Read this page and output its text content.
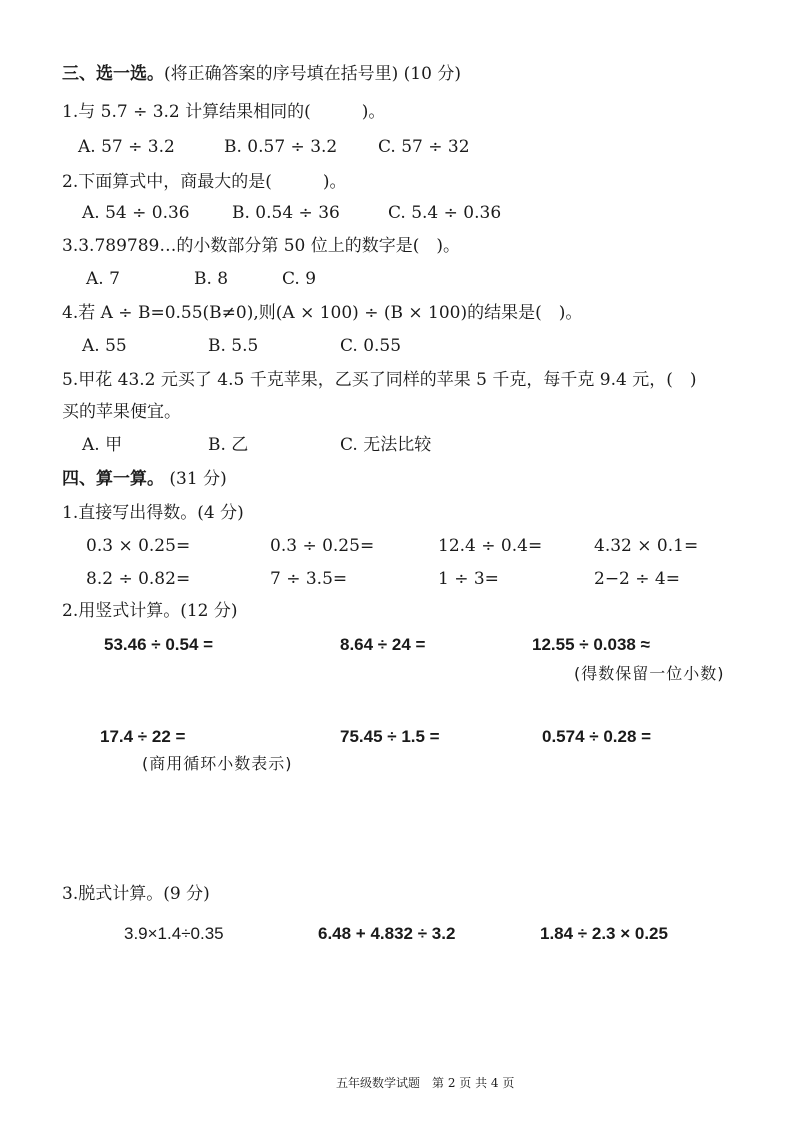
三、选一选。(将正确答案的序号填在括号里) (10 分)
1.与 5.7 ÷ 3.2 计算结果相同的(　　　)。
A. 57 ÷ 3.2	B. 0.57 ÷ 3.2 C. 57 ÷ 32
2.下面算式中，商最大的是(　　　)。
A. 54 ÷ 0.36 B. 0.54 ÷ 36	C. 5.4 ÷ 0.36
3.3.789789…的小数部分第 50 位上的数字是(　)。
A. 7	B. 8	C. 9
4.若 A ÷ B=0.55(B≠0),则(A × 100) ÷ (B × 100)的结果是(　)。
A. 55	B. 5.5	C. 0.55
5.甲花 43.2 元买了 4.5 千克苹果，乙买了同样的苹果 5 千克，每千克 9.4 元，(　)
买的苹果便宜。
A. 甲	B. 乙	C. 无法比较
四、算一算。 (31 分)
1.直接写出得数。(4 分)
0.3 × 0.25=	0.3 ÷ 0.25=	12.4 ÷ 0.4=	4.32 × 0.1=
8.2 ÷ 0.82=	7 ÷ 3.5=	1 ÷ 3=	2−2 ÷ 4=
2.用竖式计算。(12 分)
53.46 ÷ 0.54 =	8.64 ÷ 24 =	12.55 ÷ 0.038 ≈
(得数保留一位小数)
17.4 ÷ 22 =	75.45 ÷ 1.5 =	0.574 ÷ 0.28 =
(商用循环小数表示)
3.脱式计算。(9 分)
3.9×1.4÷0.35	6.48 + 4.832 ÷ 3.2	1.84 ÷ 2.3 × 0.25
五年级数学试题　第 2 页 共 4 页
